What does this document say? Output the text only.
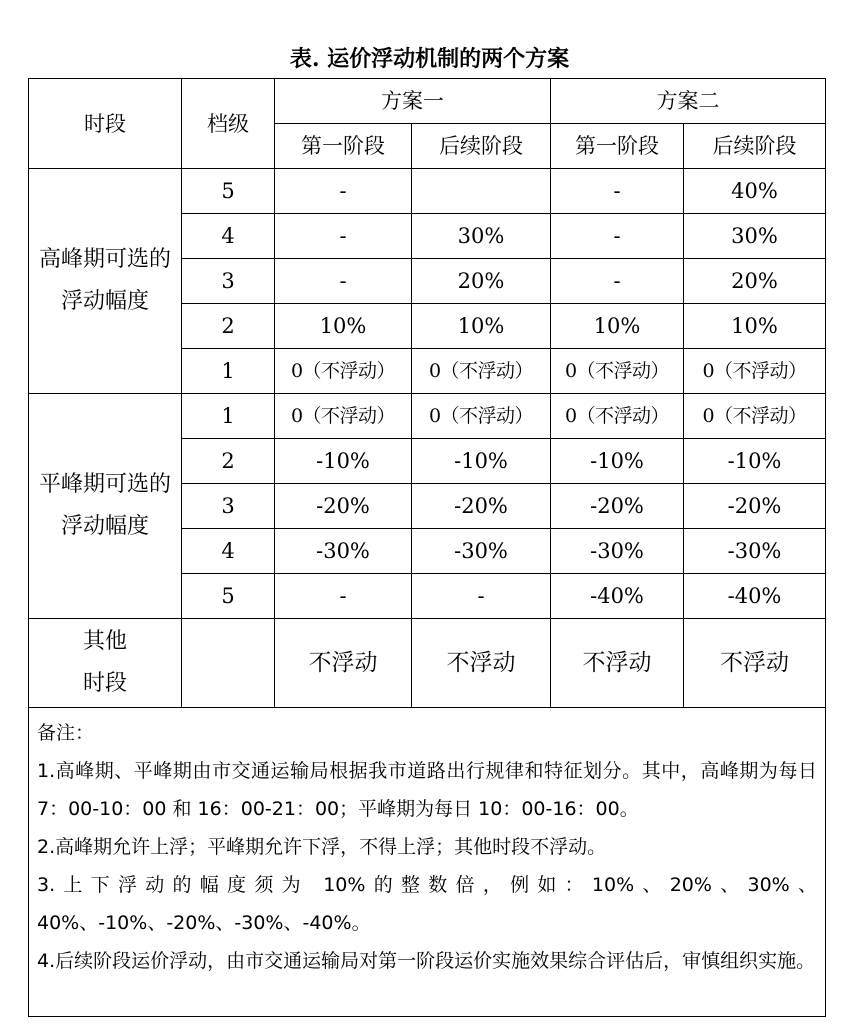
表. 运价浮动机制的两个方案
时段	档级	方案一		方案二	
		第一阶段	后续阶段	第一阶段	后续阶段
高峰期可选的浮动幅度	5	-		-	40%
	4	-	30%	-	30%
	3	-	20%	-	20%
	2	10%	10%	10%	10%
	1	0（不浮动）	0（不浮动）	0（不浮动）	0（不浮动）
平峰期可选的浮动幅度	1	0（不浮动）	0（不浮动）	0（不浮动）	0（不浮动）
	2	-10%	-10%	-10%	-10%
	3	-20%	-20%	-20%	-20%
	4	-30%	-30%	-30%	-30%
	5	-	-	-40%	-40%
其他时段		不浮动	不浮动	不浮动	不浮动

备注：
1.高峰期、平峰期由市交通运输局根据我市道路出行规律和特征划分。其中，高峰期为每日 7：00-10：00 和 16：00-21：00；平峰期为每日 10：00-16：00。
2.高峰期允许上浮；平峰期允许下浮，不得上浮；其他时段不浮动。
3.上下浮动的幅度须为 10%的整数倍，例如：10%、20%、30%、40%、-10%、-20%、-30%、-40%。
4.后续阶段运价浮动，由市交通运输局对第一阶段运价实施效果综合评估后，审慎组织实施。					
